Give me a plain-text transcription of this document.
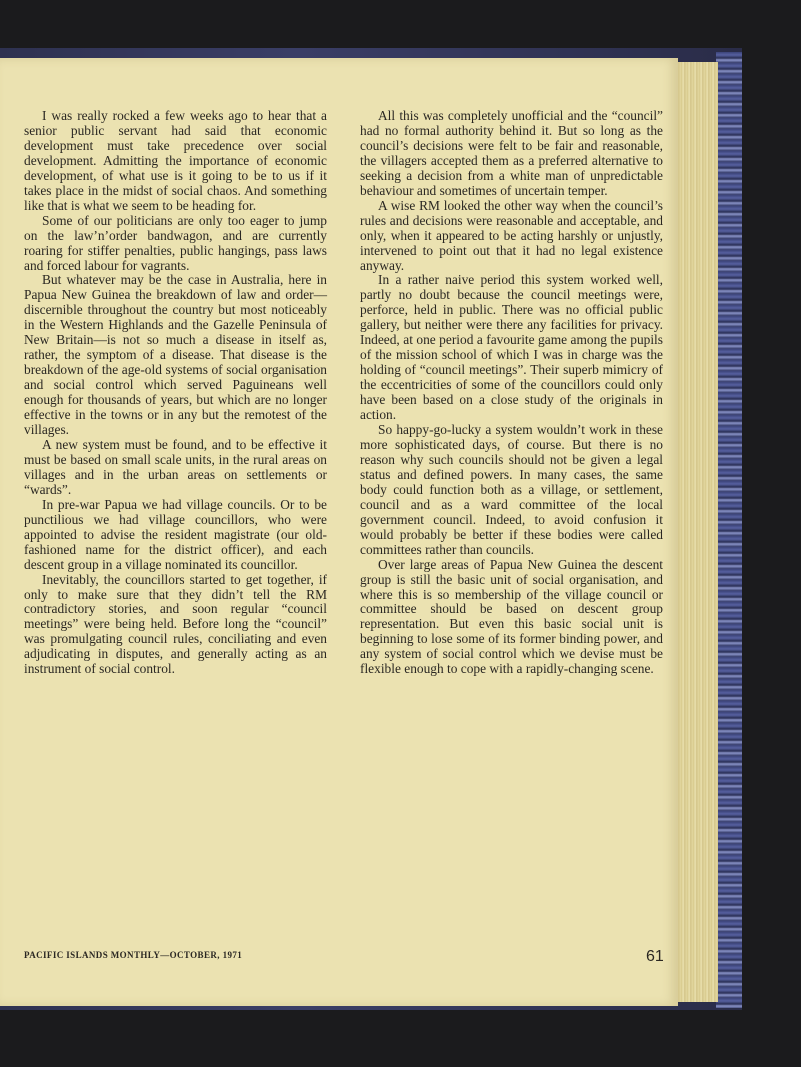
I was really rocked a few weeks ago to hear that a senior public servant had said that economic development must take precedence over social development. Admitting the importance of economic development, of what use is it going to be to us if it takes place in the midst of social chaos. And something like that is what we seem to be heading for.

Some of our politicians are only too eager to jump on the law’n’order bandwagon, and are currently roaring for stiffer penalties, public hangings, pass laws and forced labour for vagrants.

But whatever may be the case in Australia, here in Papua New Guinea the breakdown of law and order—discernible throughout the country but most noticeably in the Western Highlands and the Gazelle Peninsula of New Britain—is not so much a disease in itself as, rather, the symptom of a disease. That disease is the breakdown of the age-old systems of social organisation and social control which served Paguineans well enough for thousands of years, but which are no longer effective in the towns or in any but the remotest of the villages.

A new system must be found, and to be effective it must be based on small scale units, in the rural areas on villages and in the urban areas on settlements or “wards”.

In pre-war Papua we had village councils. Or to be punctilious we had village councillors, who were appointed to advise the resident magistrate (our old-fashioned name for the district officer), and each descent group in a village nominated its councillor.

Inevitably, the councillors started to get together, if only to make sure that they didn’t tell the RM contradictory stories, and soon regular “council meetings” were being held. Before long the “council” was promulgating council rules, conciliating and even adjudicating in disputes, and generally acting as an instrument of social control.

All this was completely unofficial and the “council” had no formal authority behind it. But so long as the council’s decisions were felt to be fair and reasonable, the villagers accepted them as a preferred alternative to seeking a decision from a white man of unpredictable behaviour and sometimes of uncertain temper.

A wise RM looked the other way when the council’s rules and decisions were reasonable and acceptable, and only, when it appeared to be acting harshly or unjustly, intervened to point out that it had no legal existence anyway.

In a rather naive period this system worked well, partly no doubt because the council meetings were, perforce, held in public. There was no official public gallery, but neither were there any facilities for privacy. Indeed, at one period a favourite game among the pupils of the mission school of which I was in charge was the holding of “council meetings”. Their superb mimicry of the eccentricities of some of the councillors could only have been based on a close study of the originals in action.

So happy-go-lucky a system wouldn’t work in these more sophisticated days, of course. But there is no reason why such councils should not be given a legal status and defined powers. In many cases, the same body could function both as a village, or settlement, council and as a ward committee of the local government council. Indeed, to avoid confusion it would probably be better if these bodies were called committees rather than councils.

Over large areas of Papua New Guinea the descent group is still the basic unit of social organisation, and where this is so membership of the village council or committee should be based on descent group representation. But even this basic social unit is beginning to lose some of its former binding power, and any system of social control which we devise must be flexible enough to cope with a rapidly-changing scene.

PACIFIC ISLANDS MONTHLY—OCTOBER, 1971	61
